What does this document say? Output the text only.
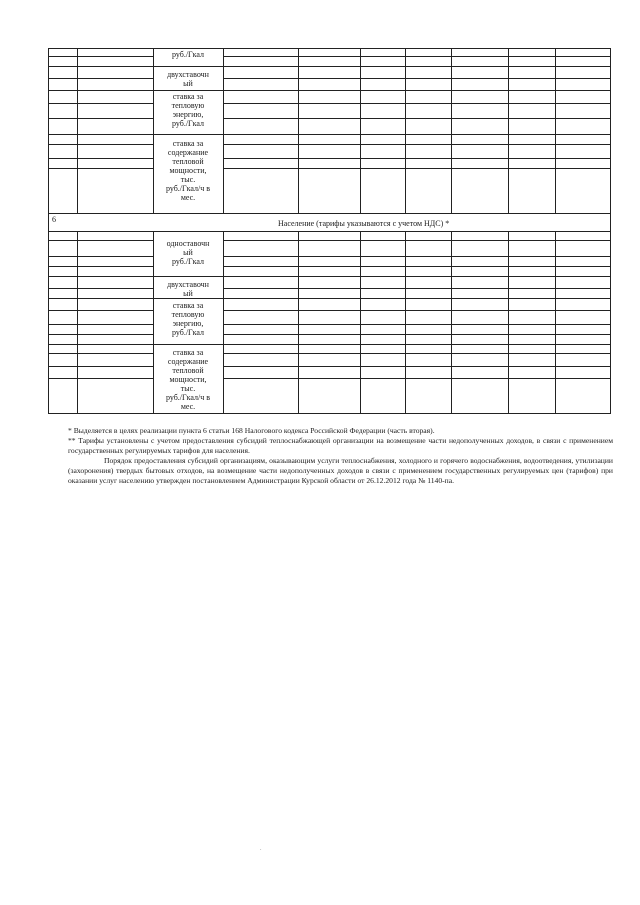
руб./Гкал
двухставочн
ый
ставка за
тепловую
энергию,
руб./Гкал
ставка за
содержание
тепловой
мощности,
тыс.
руб./Гкал/ч в
мес.
6	Население (тарифы указываются с учетом НДС) *
одноставочн
ый
руб./Гкал
двухставочн
ый
ставка за
тепловую
энергию,
руб./Гкал
ставка за
содержание
тепловой
мощности,
тыс.
руб./Гкал/ч в
мес.

* Выделяется в целях реализации пункта 6 статьи 168 Налогового кодекса Российской Федерации (часть вторая).

** Тарифы установлены с учетом предоставления субсидий теплоснабжающей организации на возмещение части недополученных доходов, в связи с применением государственных регулируемых тарифов для населения.

Порядок предоставления субсидий организациям, оказывающим услуги теплоснабжения, холодного и горячего водоснабжения, водоотведения, утилизации (захоронения) твердых бытовых отходов, на возмещение части недополученных доходов в связи с применением государственных регулируемых цен (тарифов) при оказании услуг населению утвержден постановлением Администрации Курской области от 26.12.2012 года № 1140-па.

.
